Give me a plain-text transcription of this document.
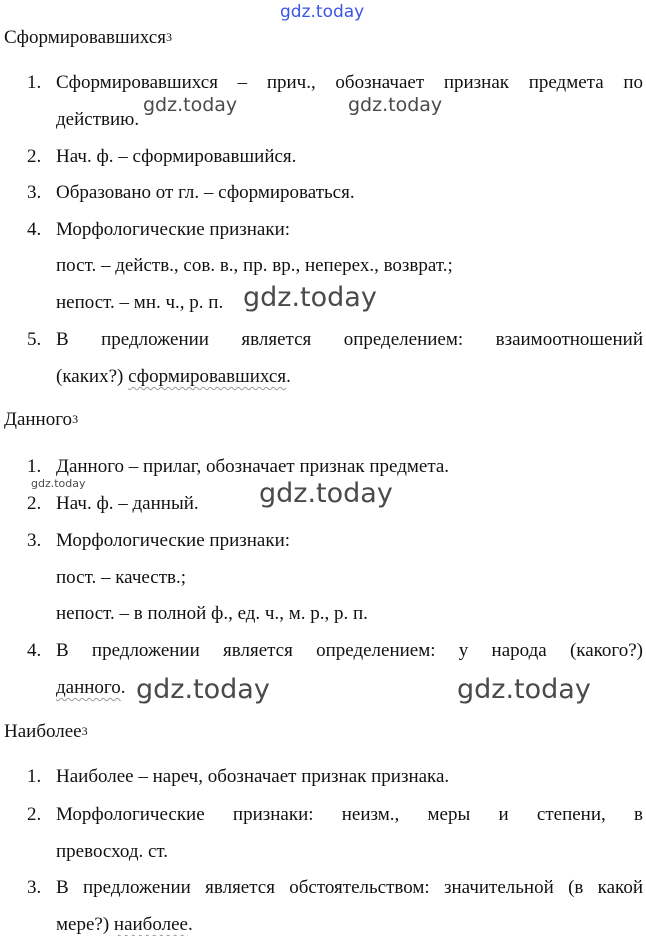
Сформировавшихся$^3$
1. Сформировавшихся – прич., обозначает признак предмета по
действию.
2. Нач. ф. – сформировавшийся.
3. Образовано от гл. – сформироваться.
4. Морфологические признаки:
пост. – действ., сов. в., пр. вр., неперех., возврат.;
непост. – мн. ч., р. п.
5. В предложении является определением: взаимоотношений
(каких?) сформировавшихся.
Данного$^3$
1. Данного – прилаг, обозначает признак предмета.
2. Нач. ф. – данный.
3. Морфологические признаки:
пост. – качеств.;
непост. – в полной ф., ед. ч., м. р., р. п.
4. В предложении является определением: у народа (какого?)
данного.
Наиболее$^3$
1. Наиболее – нареч, обозначает признак признака.
2. Морфологические признаки: неизм., меры и степени, в
превосход. ст.
3. В предложении является обстоятельством: значительной (в какой
мере?) наиболее.
gdz.today
gdz.today	gdz.today
gdz.today
gdz.today	gdz.today
gdz.today	gdz.today
